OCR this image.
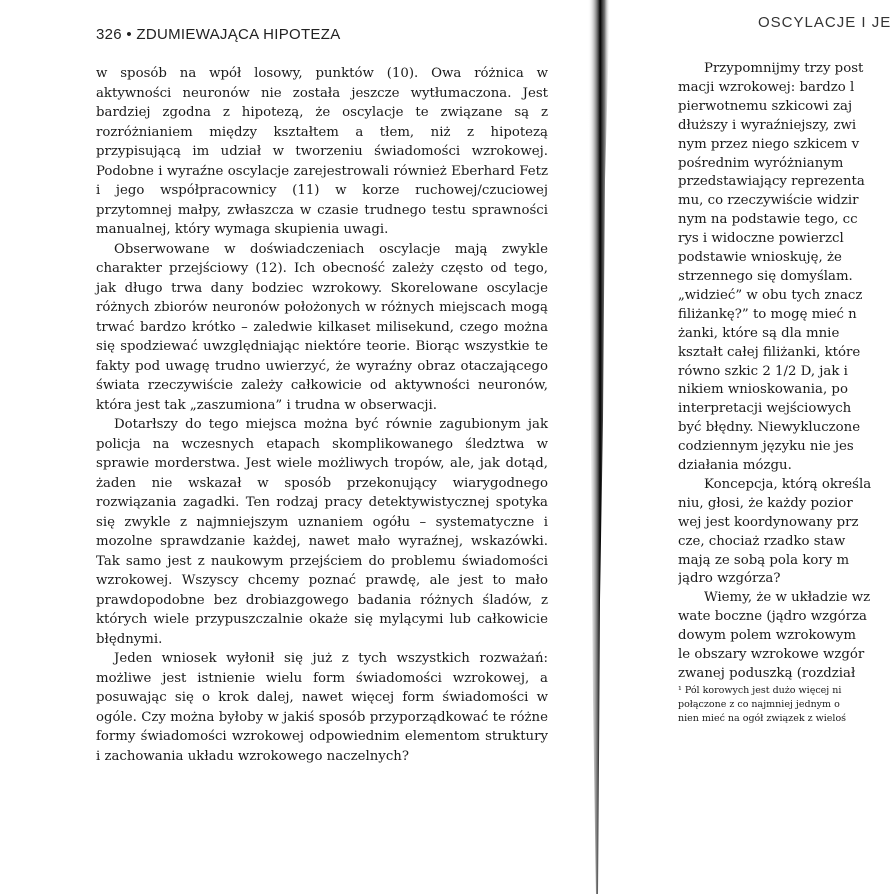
326 • ZDUMIEWAJĄCA HIPOTEZA

w sposób na wpół losowy, punktów (10). Owa różnica w aktywności neuronów nie została jeszcze wytłumaczona. Jest bardziej zgodna z hipotezą, że oscylacje te związane są z rozróżnianiem między kształtem a tłem, niż z hipotezą przypisującą im udział w tworzeniu świadomości wzrokowej. Podobne i wyraźne oscylacje zarejestrowali również Eberhard Fetz i jego współpracownicy (11) w korze ruchowej/czuciowej przytomnej małpy, zwłaszcza w czasie trudnego testu sprawności manualnej, który wymaga skupienia uwagi.

Obserwowane w doświadczeniach oscylacje mają zwykle charakter przejściowy (12). Ich obecność zależy często od tego, jak długo trwa dany bodziec wzrokowy. Skorelowane oscylacje różnych zbiorów neuronów położonych w różnych miejscach mogą trwać bardzo krótko – zaledwie kilkaset milisekund, czego można się spodziewać uwzględniając niektóre teorie. Biorąc wszystkie te fakty pod uwagę trudno uwierzyć, że wyraźny obraz otaczającego świata rzeczywiście zależy całkowicie od aktywności neuronów, która jest tak „zaszumiona” i trudna w obserwacji.

Dotarłszy do tego miejsca można być równie zagubionym jak policja na wczesnych etapach skomplikowanego śledztwa w sprawie morderstwa. Jest wiele możliwych tropów, ale, jak dotąd, żaden nie wskazał w sposób przekonujący wiarygodnego rozwiązania zagadki. Ten rodzaj pracy detektywistycznej spotyka się zwykle z najmniejszym uznaniem ogółu – systematyczne i mozolne sprawdzanie każdej, nawet mało wyraźnej, wskazówki. Tak samo jest z naukowym przejściem do problemu świadomości wzrokowej. Wszyscy chcemy poznać prawdę, ale jest to mało prawdopodobne bez drobiazgowego badania różnych śladów, z których wiele przypuszczalnie okaże się mylącymi lub całkowicie błędnymi.

Jeden wniosek wyłonił się już z tych wszystkich rozważań: możliwe jest istnienie wielu form świadomości wzrokowej, a posuwając się o krok dalej, nawet więcej form świadomości w ogóle. Czy można byłoby w jakiś sposób przyporządkować te różne formy świadomości wzrokowej odpowiednim elementom struktury i zachowania układu wzrokowego naczelnych?

OSCYLACJE I JE
Przypomnijmy trzy post
macji wzrokowej: bardzo l
pierwotnemu szkicowi zaj
dłuższy i wyraźniejszy, zwi
nym przez niego szkicem v
pośrednim wyróżnianym
przedstawiający reprezenta
mu, co rzeczywiście widzir
nym na podstawie tego, cc
rys i widoczne powierzcl
podstawie wnioskuję, że
strzennego się domyślam.
„widzieć” w obu tych znacz
filiżankę?” to mogę mieć n
żanki, które są dla mnie
kształt całej filiżanki, które
równo szkic 2 1/2 D, jak i
nikiem wnioskowania, po
interpretacji wejściowych
być błędny. Niewykluczone
codziennym języku nie jes
działania mózgu.
Koncepcja, którą określa
niu, głosi, że każdy pozior
wej jest koordynowany prz
cze, chociaż rzadko staw
mają ze sobą pola kory m
jądro wzgórza?
Wiemy, że w układzie wz
wate boczne (jądro wzgórza
dowym polem wzrokowym
le obszary wzrokowe wzgór
zwanej poduszką (rozdział
¹ Pól korowych jest dużo więcej ni
połączone z co najmniej jednym o
nien mieć na ogół związek z wieloś
